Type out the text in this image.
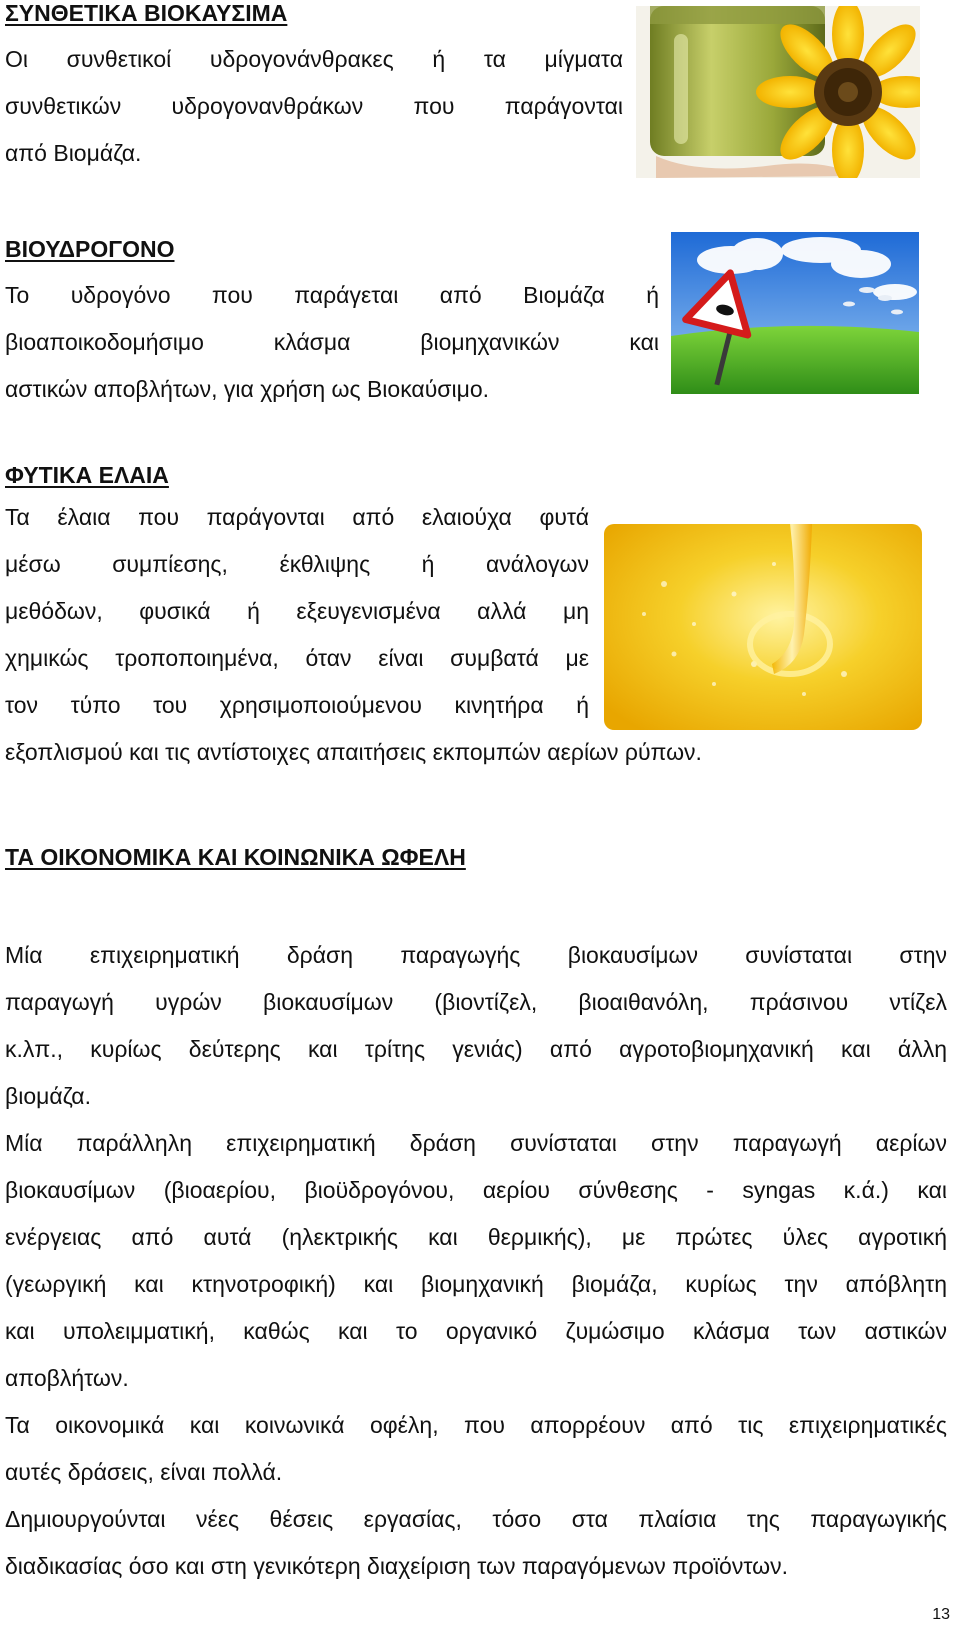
ΣΥΝΘΕΤΙΚΑ ΒΙΟΚΑΥΣΙΜΑ
Οι συνθετικοί υδρογονάνθρακες ή τα μίγματα
συνθετικών υδρογονανθράκων που παράγονται
από Βιομάζα.
ΒΙΟΥΔΡΟΓΟΝΟ
Το υδρογόνο που παράγεται από Βιομάζα ή
βιοαποικοδομήσιμο κλάσμα βιομηχανικών και
αστικών αποβλήτων, για χρήση ως Βιοκαύσιμο.
ΦΥΤΙΚΑ ΕΛΑΙΑ
Τα έλαια που παράγονται από ελαιούχα φυτά
μέσω συμπίεσης, έκθλιψης ή ανάλογων
μεθόδων, φυσικά ή εξευγενισμένα αλλά μη
χημικώς τροποποιημένα, όταν είναι συμβατά με
τον τύπο του χρησιμοποιούμενου κινητήρα ή
εξοπλισμού και τις αντίστοιχες απαιτήσεις εκπομπών αερίων ρύπων.
ΤΑ ΟΙΚΟΝΟΜΙΚΑ ΚΑΙ ΚΟΙΝΩΝΙΚΑ ΩΦΕΛΗ
Μία επιχειρηματική δράση παραγωγής βιοκαυσίμων συνίσταται στην
παραγωγή υγρών βιοκαυσίμων (βιοντίζελ, βιοαιθανόλη, πράσινου ντίζελ
κ.λπ., κυρίως δεύτερης και τρίτης γενιάς) από αγροτοβιομηχανική και άλλη
βιομάζα.
Μία παράλληλη επιχειρηματική δράση συνίσταται στην παραγωγή αερίων
βιοκαυσίμων (βιοαερίου, βιοϋδρογόνου, αερίου σύνθεσης - syngas κ.ά.) και
ενέργειας από αυτά (ηλεκτρικής και θερμικής), με πρώτες ύλες αγροτική
(γεωργική και κτηνοτροφική) και βιομηχανική βιομάζα, κυρίως την απόβλητη
και υπολειμματική, καθώς και το οργανικό ζυμώσιμο κλάσμα των αστικών
αποβλήτων.
Τα οικονομικά και κοινωνικά οφέλη, που απορρέουν από τις επιχειρηματικές
αυτές δράσεις, είναι πολλά.
Δημιουργούνται νέες θέσεις εργασίας, τόσο στα πλαίσια της παραγωγικής
διαδικασίας όσο και στη γενικότερη διαχείριση των παραγόμενων προϊόντων.
13
